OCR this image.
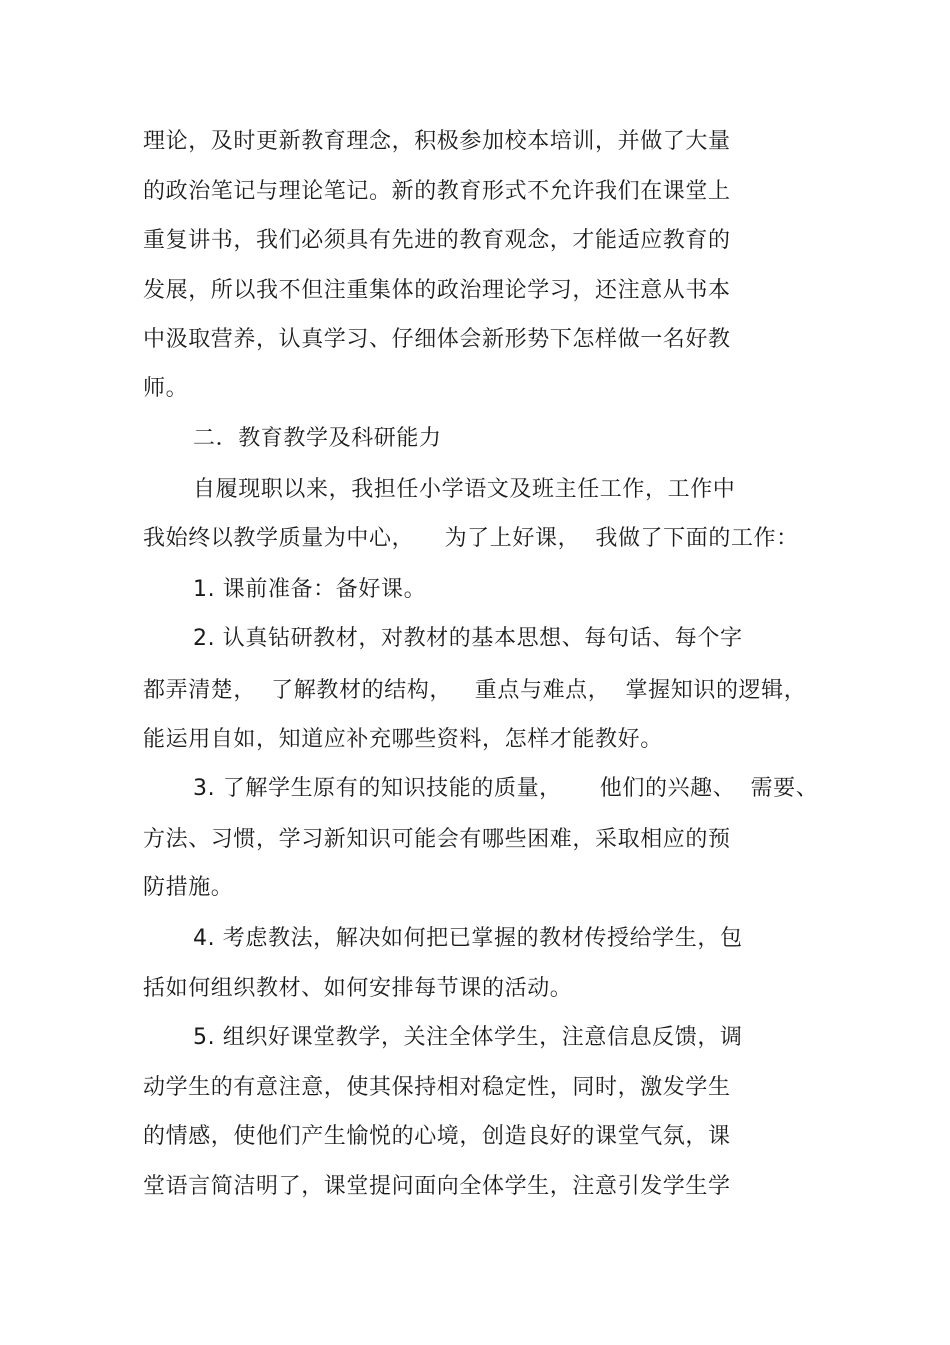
理论，及时更新教育理念，积极参加校本培训，并做了大量
的政治笔记与理论笔记。新的教育形式不允许我们在课堂上
重复讲书，我们必须具有先进的教育观念，才能适应教育的
发展，所以我不但注重集体的政治理论学习，还注意从书本
中汲取营养，认真学习、仔细体会新形势下怎样做一名好教
师。
二．教育教学及科研能力
自履现职以来，我担任小学语文及班主任工作，工作中
我始终以教学质量为中心，    为了上好课，  我做了下面的工作：
1. 课前准备：备好课。
2. 认真钻研教材，对教材的基本思想、每句话、每个字
都弄清楚，  了解教材的结构，   重点与难点，  掌握知识的逻辑，
能运用自如，知道应补充哪些资料，怎样才能教好。
3. 了解学生原有的知识技能的质量，     他们的兴趣、  需要、
方法、习惯，学习新知识可能会有哪些困难，采取相应的预
防措施。
4. 考虑教法，解决如何把已掌握的教材传授给学生，包
括如何组织教材、如何安排每节课的活动。
5. 组织好课堂教学，关注全体学生，注意信息反馈，调
动学生的有意注意，使其保持相对稳定性，同时，激发学生
的情感，使他们产生愉悦的心境，创造良好的课堂气氛，课
堂语言简洁明了，课堂提问面向全体学生，注意引发学生学
